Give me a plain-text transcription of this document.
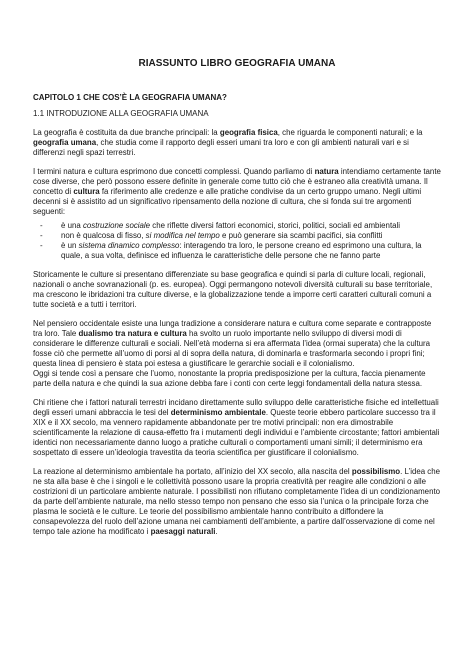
RIASSUNTO LIBRO GEOGRAFIA UMANA
CAPITOLO 1 CHE COS’È LA GEOGRAFIA UMANA?
1.1 INTRODUZIONE ALLA GEOGRAFIA UMANA

La geografia è costituita da due branche principali: la geografia fisica, che riguarda le componenti naturali; e la geografia umana, che studia come il rapporto degli esseri umani tra loro e con gli ambienti naturali vari e si differenzi negli spazi terrestri.

I termini natura e cultura esprimono due concetti complessi. Quando parliamo di natura intendiamo certamente tante cose diverse, che però possono essere definite in generale come tutto ciò che è estraneo alla creatività umana. Il concetto di cultura fa riferimento alle credenze e alle pratiche condivise da un certo gruppo umano. Negli ultimi decenni si è assistito ad un significativo ripensamento della nozione di cultura, che si fonda sui tre argomenti seguenti:

- è una costruzione sociale che riflette diversi fattori economici, storici, politici, sociali ed ambientali
- non è qualcosa di fisso, si modifica nel tempo e può generare sia scambi pacifici, sia conflitti
- è un sistema dinamico complesso: interagendo tra loro, le persone creano ed esprimono una cultura, la quale, a sua volta, definisce ed influenza le caratteristiche delle persone che ne fanno parte

Storicamente le culture si presentano differenziate su base geografica e quindi si parla di culture locali, regionali, nazionali o anche sovranazionali (p. es. europea). Oggi permangono notevoli diversità culturali su base territoriale, ma crescono le ibridazioni tra culture diverse, e la globalizzazione tende a imporre certi caratteri culturali comuni a tutte società e a tutti i territori.

Nel pensiero occidentale esiste una lunga tradizione a considerare natura e cultura come separate e contrapposte tra loro. Tale dualismo tra natura e cultura ha svolto un ruolo importante nello sviluppo di diversi modi di considerare le differenze culturali e sociali. Nell’età moderna si era affermata l’idea (ormai superata) che la cultura fosse ciò che permette all’uomo di porsi al di sopra della natura, di dominarla e trasformarla secondo i propri fini; questa linea di pensiero è stata poi estesa a giustificare le gerarchie sociali e il colonialismo.
Oggi si tende così a pensare che l’uomo, nonostante la propria predisposizione per la cultura, faccia pienamente parte della natura e che quindi la sua azione debba fare i conti con certe leggi fondamentali della natura stessa.

Chi ritiene che i fattori naturali terrestri incidano direttamente sullo sviluppo delle caratteristiche fisiche ed intellettuali degli esseri umani abbraccia le tesi del determinismo ambientale. Queste teorie ebbero particolare successo tra il XIX e il XX secolo, ma vennero rapidamente abbandonate per tre motivi principali: non era dimostrabile scientificamente la relazione di causa-effetto fra i mutamenti degli individui e l’ambiente circostante; fattori ambientali identici non necessariamente danno luogo a pratiche culturali o comportamenti umani simili; il determinismo era sospettato di essere un’ideologia travestita da teoria scientifica per giustificare il colonialismo.

La reazione al determinismo ambientale ha portato, all’inizio del XX secolo, alla nascita del possibilismo. L’idea che ne sta alla base è che i singoli e le collettività possono usare la propria creatività per reagire alle condizioni o alle costrizioni di un particolare ambiente naturale. I possibilisti non rifiutano completamente l’idea di un condizionamento da parte dell’ambiente naturale, ma nello stesso tempo non pensano che esso sia l’unica o la principale forza che plasma le società e le culture. Le teorie del possibilismo ambientale hanno contribuito a diffondere la consapevolezza del ruolo dell’azione umana nei cambiamenti dell’ambiente, a partire dall’osservazione di come nel tempo tale azione ha modificato i paesaggi naturali.
